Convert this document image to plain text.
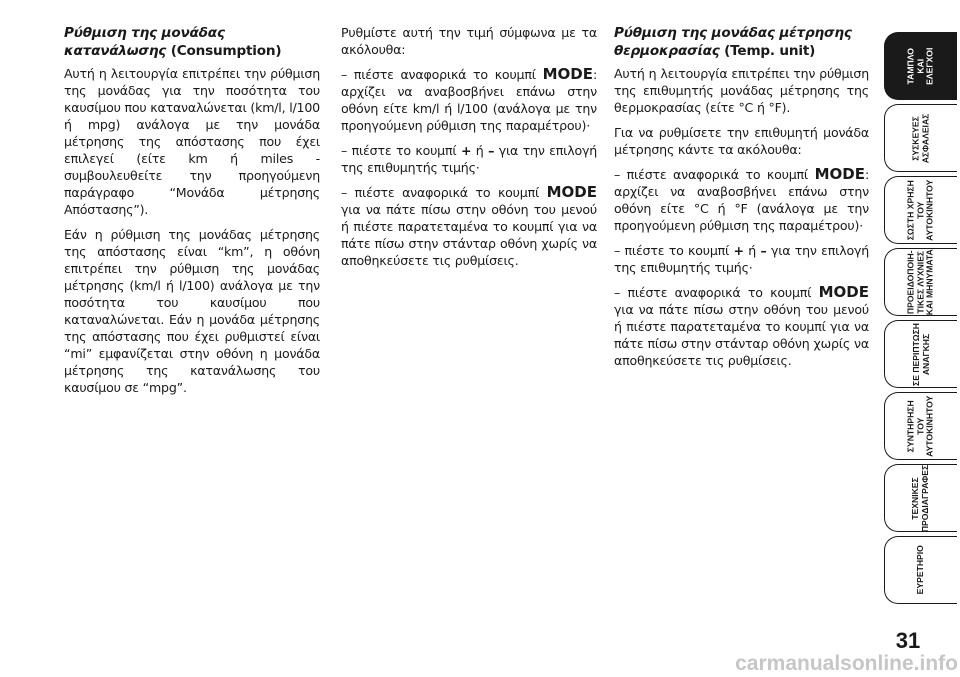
Ρύθμιση της μονάδας κατανάλωσης (Consumption)

Αυτή η λειτουργία επιτρέπει την ρύθμιση της μονάδας για την ποσότητα του καυσίμου που καταναλώνεται (km/l, l/100 ή mpg) ανάλογα με την μονάδα μέτρησης της απόστασης που έχει επιλεγεί (είτε km ή miles - συμβουλευθείτε την προηγούμενη παράγραφο “Μονάδα μέτρησης Απόστασης”).

Εάν η ρύθμιση της μονάδας μέτρησης της απόστασης είναι “km”, η οθόνη επιτρέπει την ρύθμιση της μονάδας μέτρησης (km/l ή l/100) ανάλογα με την ποσότητα του καυσίμου που καταναλώνεται. Εάν η μονάδα μέτρησης της απόστασης που έχει ρυθμιστεί είναι “mi” εμφανίζεται στην οθόνη η μονάδα μέτρησης της κατανάλωσης του καυσίμου σε “mpg”.

Ρυθμίστε αυτή την τιμή σύμφωνα με τα ακόλουθα:

– πιέστε αναφορικά το κουμπί MODE: αρχίζει να αναβοσβήνει επάνω στην οθόνη είτε km/l ή l/100 (ανάλογα με την προηγούμενη ρύθμιση της παραμέτρου)·

– πιέστε το κουμπί + ή – για την επιλογή της επιθυμητής τιμής·

– πιέστε αναφορικά το κουμπί MODE για να πάτε πίσω στην οθόνη του μενού ή πιέστε παρατεταμένα το κουμπί για να πάτε πίσω στην στάνταρ οθόνη χωρίς να αποθηκεύσετε τις ρυθμίσεις.

Ρύθμιση της μονάδας μέτρησης θερμοκρασίας (Temp. unit)

Αυτή η λειτουργία επιτρέπει την ρύθμιση της επιθυμητής μονάδας μέτρησης της θερμοκρασίας (είτε °C ή °F).

Για να ρυθμίσετε την επιθυμητή μονάδα μέτρησης κάντε τα ακόλουθα:

– πιέστε αναφορικά το κουμπί MODE: αρχίζει να αναβοσβήνει επάνω στην οθόνη είτε °C ή °F (ανάλογα με την προηγούμενη ρύθμιση της παραμέτρου)·

– πιέστε το κουμπί + ή – για την επιλογή της επιθυμητής τιμής·

– πιέστε αναφορικά το κουμπί MODE για να πάτε πίσω στην οθόνη του μενού ή πιέστε παρατεταμένα το κουμπί για να πάτε πίσω στην στάνταρ οθόνη χωρίς να αποθηκεύσετε τις ρυθμίσεις.

ΤΑΜΠΛΟ
ΚΑΙ
ΕΛΕΓΧΟΙ
ΣΥΣΚΕΥΕΣ
ΑΣΦΑΛΕΙΑΣ
ΣΩΣΤΗ ΧΡΗΣΗ
ΤΟΥ
ΑΥΤΟΚΙΝΗΤΟΥ
ΠΡΟΕΙΔΟΠΟΙΗ-
ΤΙΚΕΣ ΛΥΧΝΙΕΣ
ΚΑΙ ΜΗΝΥΜΑΤΑ
ΣΕ ΠΕΡΙΠΤΩΣΗ
ΑΝΑΓΚΗΣ
ΣΥΝΤΗΡΗΣΗ
ΤΟΥ
ΑΥΤΟΚΙΝΗΤΟΥ
ΤΕΧΝΙΚΕΣ
ΠΡΟΔΙΑΓΡΑΦΕΣ
ΕΥΡΕΤΗΡΙΟ
31
carmanualsonline.info
